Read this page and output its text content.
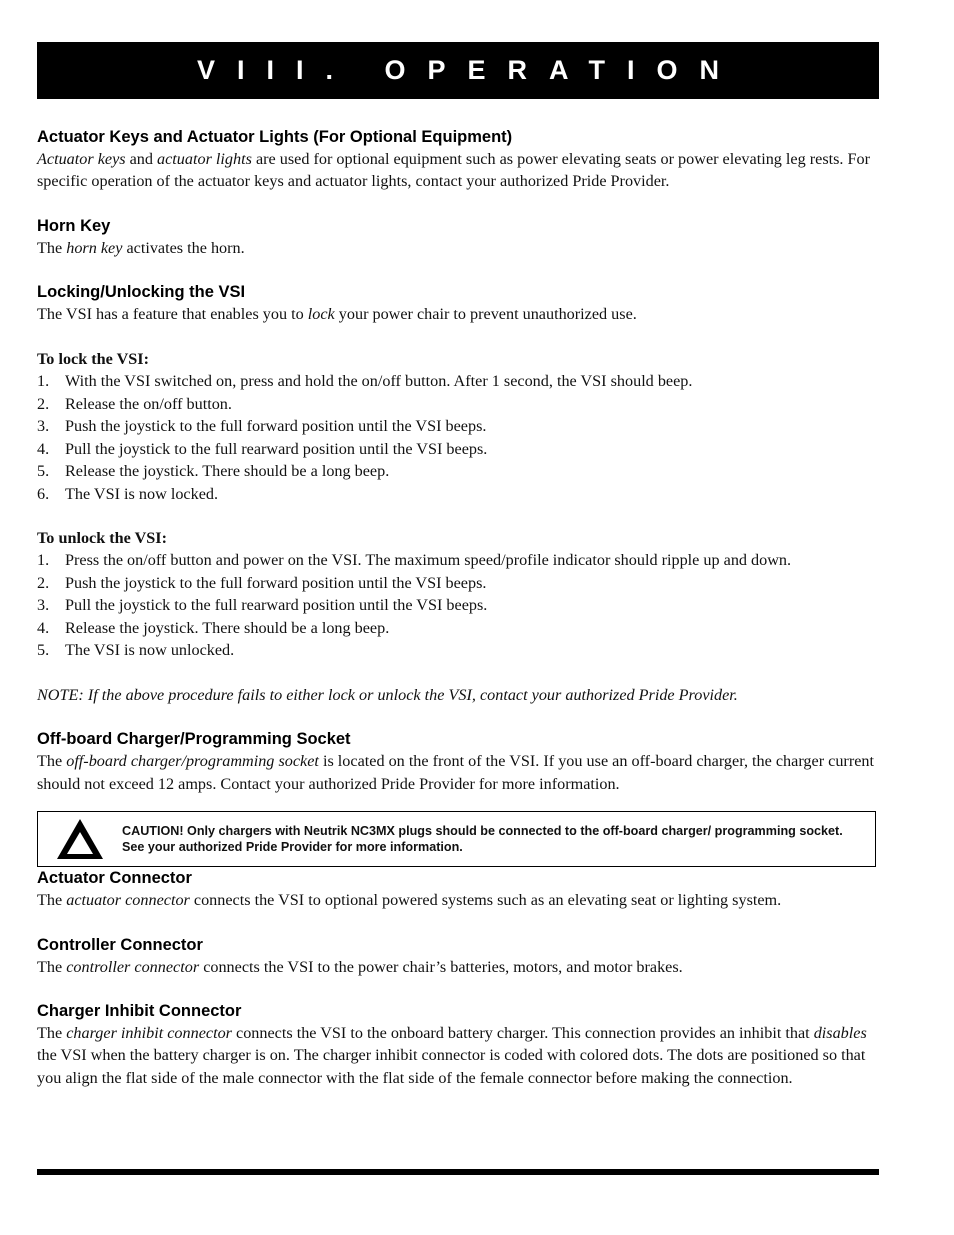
VIII. OPERATION
Actuator Keys and Actuator Lights (For Optional Equipment)

Actuator keys and actuator lights are used for optional equipment such as power elevating seats or power elevating leg rests. For specific operation of the actuator keys and actuator lights, contact your authorized Pride Provider.

Horn Key

The horn key activates the horn.

Locking/Unlocking the VSI

The VSI has a feature that enables you to lock your power chair to prevent unauthorized use.

To lock the VSI:

1. With the VSI switched on, press and hold the on/off button. After 1 second, the VSI should beep.
2. Release the on/off button.
3. Push the joystick to the full forward position until the VSI beeps.
4. Pull the joystick to the full rearward position until the VSI beeps.
5. Release the joystick. There should be a long beep.
6. The VSI is now locked.

To unlock the VSI:

1. Press the on/off button and power on the VSI. The maximum speed/profile indicator should ripple up and down.
2. Push the joystick to the full forward position until the VSI beeps.
3. Pull the joystick to the full rearward position until the VSI beeps.
4. Release the joystick. There should be a long beep.
5. The VSI is now unlocked.

NOTE: If the above procedure fails to either lock or unlock the VSI, contact your authorized Pride Provider.

Off-board Charger/Programming Socket

The off-board charger/programming socket is located on the front of the VSI. If you use an off-board charger, the charger current should not exceed 12 amps. Contact your authorized Pride Provider for more information.

CAUTION! Only chargers with Neutrik NC3MX plugs should be connected to the off-board charger/ programming socket. See your authorized Pride Provider for more information.
Actuator Connector

The actuator connector connects the VSI to optional powered systems such as an elevating seat or lighting system.

Controller Connector

The controller connector connects the VSI to the power chair’s batteries, motors, and motor brakes.

Charger Inhibit Connector

The charger inhibit connector connects the VSI to the onboard battery charger. This connection provides an inhibit that disables the VSI when the battery charger is on. The charger inhibit connector is coded with colored dots. The dots are positioned so that you align the flat side of the male connector with the flat side of the female connector before making the connection.
